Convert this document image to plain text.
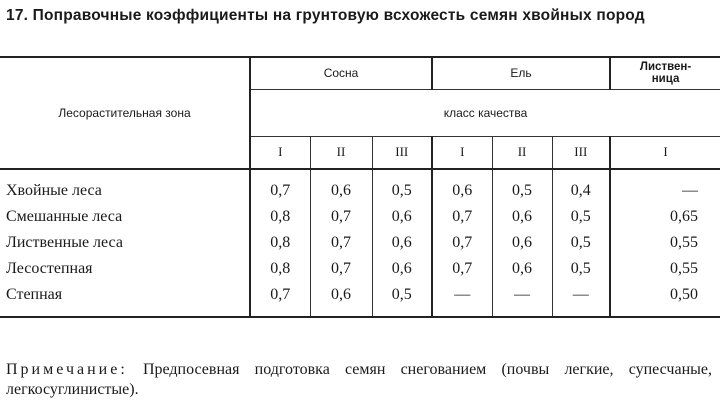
17. Поправочные коэффициенты на грунтовую всхожесть семян хвойных пород
Лесорастительная зона	Сосна			Ель			Листвен-
ница
	класс качества						
	I	II	III	I	II	III	I
Хвойные леса	0,7	0,6	0,5	0,6	0,5	0,4	—
Смешанные леса	0,8	0,7	0,6	0,7	0,6	0,5	0,65
Лиственные леса	0,8	0,7	0,6	0,7	0,6	0,5	0,55
Лесостепная	0,8	0,7	0,6	0,7	0,6	0,5	0,55
Степная	0,7	0,6	0,5	—	—	—	0,50
Примечание: Предпосевная подготовка семян снегованием (почвы легкие, супесчаные, легкосуглинистые).
